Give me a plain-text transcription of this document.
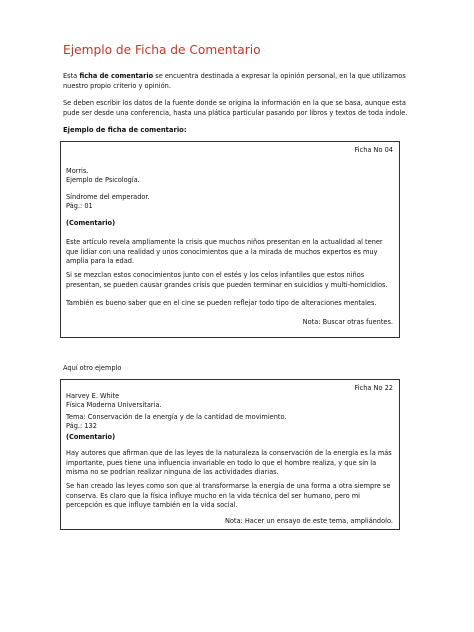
Ejemplo de Ficha de Comentario
Esta ficha de comentario se encuentra destinada a expresar la opinión personal, en la que utilizamos nuestro propio criterio y opinión.
Se deben escribir los datos de la fuente donde se origina la información en la que se basa, aunque esta pude ser desde una conferencia, hasta una plática particular pasando por libros y textos de toda índole.
Ejemplo de ficha de comentario:
Ficha No 04
Morris.
Ejemplo de Psicología.
Síndrome del emperador.
Pág.: 01
(Comentario)
Este artículo revela ampliamente la crisis que muchos niños presentan en la actualidad al tener que lidiar con una realidad y unos conocimientos que a la mirada de muchos expertos es muy amplia para la edad.
Si se mezclan estos conocimientos junto con el estés y los celos infantiles que estos niños presentan, se pueden causar grandes crisis que pueden terminar en suicidios y multi-homicidios.
También es bueno saber que en el cine se pueden reflejar todo tipo de alteraciones mentales.
Nota: Buscar otras fuentes.
Aquí otro ejemplo
Ficha No 22
Harvey E. White
Física Moderna Universitaria.
Tema: Conservación de la energía y de la cantidad de movimiento.
Pág.: 132
(Comentario)
Hay autores que afirman que de las leyes de la naturaleza la conservación de la energía es la más importante, pues tiene una influencia invariable en todo lo que el hombre realiza, y que sin la misma no se podrían realizar ninguna de las actividades diarias.
Se han creado las leyes como son que al transformarse la energía de una forma a otra siempre se conserva. Es claro que la física influye mucho en la vida técnica del ser humano, pero mi percepción es que influye también en la vida social.
Nota: Hacer un ensayo de este tema, ampliándolo.
